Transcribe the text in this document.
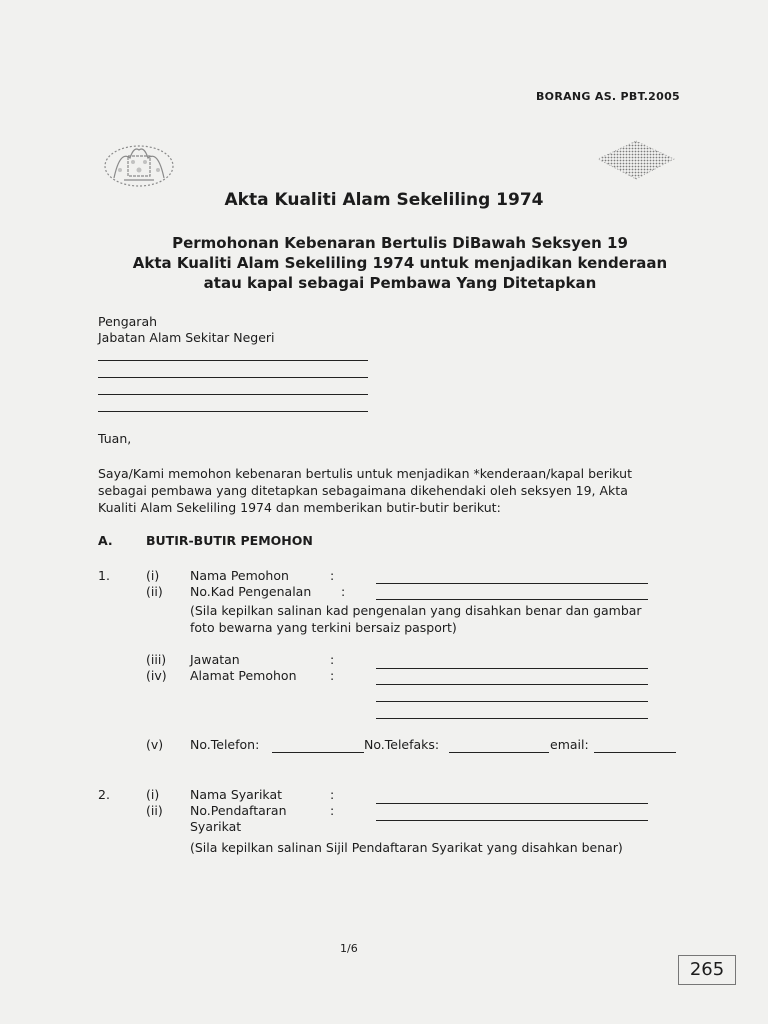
BORANG AS. PBT.2005
Akta Kualiti Alam Sekeliling 1974
Permohonan Kebenaran Bertulis DiBawah Seksyen 19
Akta Kualiti Alam Sekeliling 1974 untuk menjadikan kenderaan
atau kapal sebagai Pembawa Yang Ditetapkan
Pengarah
Jabatan Alam Sekitar Negeri
Tuan,
Saya/Kami memohon kebenaran bertulis untuk menjadikan *kenderaan/kapal berikut
sebagai pembawa yang ditetapkan sebagaimana dikehendaki oleh seksyen 19, Akta
Kualiti Alam Sekeliling 1974 dan memberikan butir-butir berikut:
A.	BUTIR-BUTIR PEMOHON
1.	(i) Nama Pemohon	:
(ii) No.Kad Pengenalan :
(Sila kepilkan salinan kad pengenalan yang disahkan benar dan gambar
foto bewarna yang terkini bersaiz pasport)
(iii) Jawatan	:
(iv) Alamat Pemohon	:
(v) No.Telefon:	No.Telefaks:	email:
2.	(i) Nama Syarikat	:
(ii) No.Pendaftaran	:
Syarikat
(Sila kepilkan salinan Sijil Pendaftaran Syarikat yang disahkan benar)
1/6
265
